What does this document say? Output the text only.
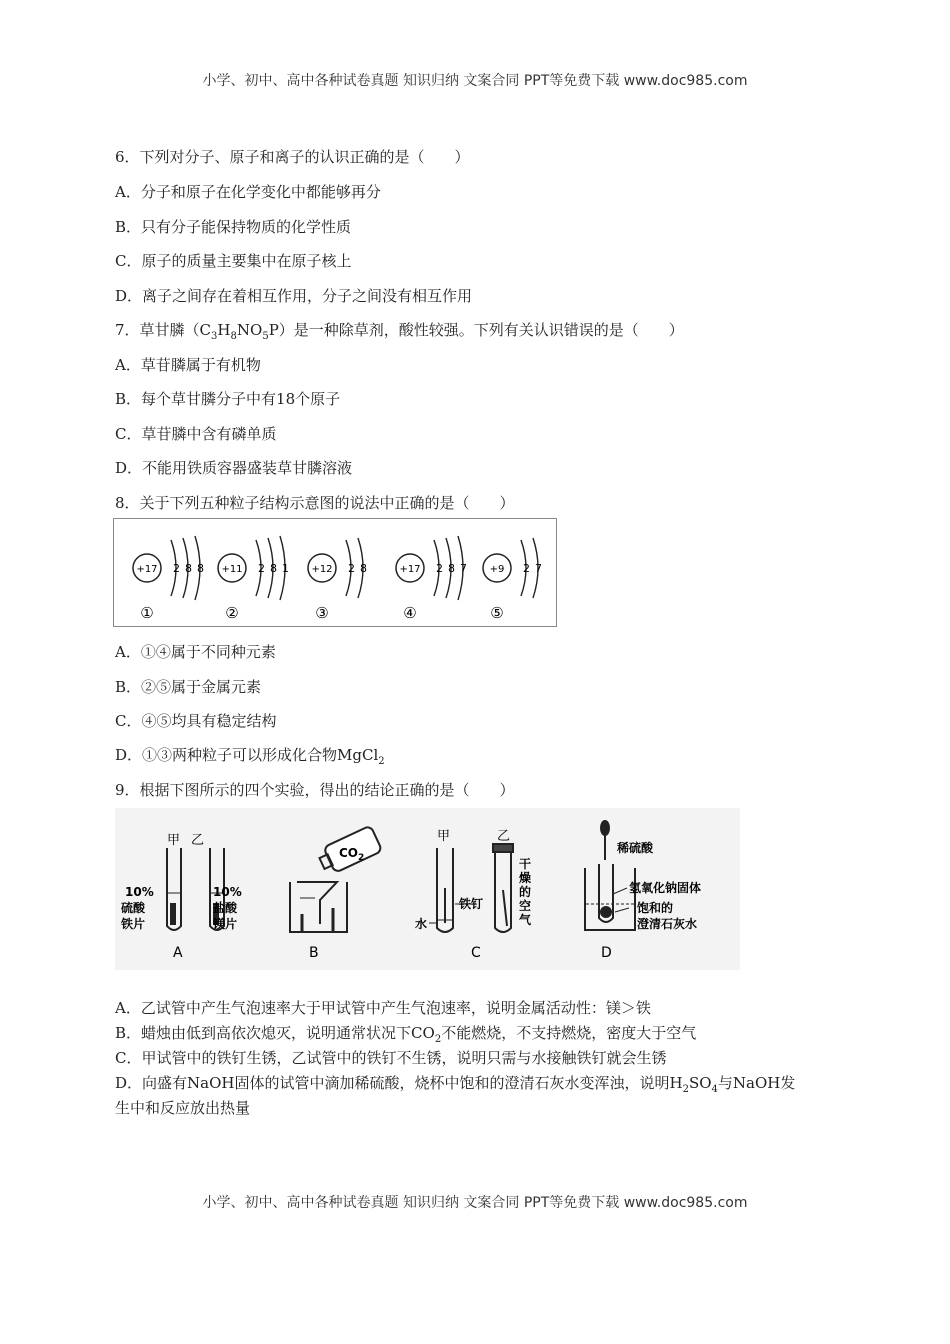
小学、初中、高中各种试卷真题 知识归纳 文案合同 PPT等免费下载 www.doc985.com
6．下列对分子、原子和离子的认识正确的是（　　）
A．分子和原子在化学变化中都能够再分
B．只有分子能保持物质的化学性质
C．原子的质量主要集中在原子核上
D．离子之间存在着相互作用，分子之间没有相互作用
7．草甘膦$(C_3H_8NO_5P)$是一种除草剂，酸性较强。下列有关认识错误的是（　　）
A．草苷膦属于有机物
B．每个草甘膦分子中有18个原子
C．草苷膦中含有磷单质
D．不能用铁质容器盛装草甘膦溶液
8．关于下列五种粒子结构示意图的说法中正确的是（　　）
+17 2 8 8
①
+11 2 8 1
②
+12 2 8
③
+17 2 8 7
④
+9 2 7
⑤
A．①④属于不同种元素
B．②⑤属于金属元素
C．④⑤均具有稳定结构
D．①③两种粒子可以形成化合物MgCl$_2$
9．根据下图所示的四个实验，得出的结论正确的是（　　）
甲 乙
10%
硫酸
铁片
10%
盐酸
镁片
A
$CO_2$
B
甲	乙
水
铁钉
干
燥
的
空
气
C
稀硫酸
氢氧化钠固体
饱和的
澄清石灰水
D
A．乙试管中产生气泡速率大于甲试管中产生气泡速率，说明金属活动性：镁＞铁
B．蜡烛由低到高依次熄灭，说明通常状况下$CO_2$不能燃烧，不支持燃烧，密度大于空气
C．甲试管中的铁钉生锈，乙试管中的铁钉不生锈，说明只需与水接触铁钉就会生锈
D．向盛有NaOH固体的试管中滴加稀硫酸，烧杯中饱和的澄清石灰水变浑浊，说明$H_2SO_4$与NaOH发
生中和反应放出热量
小学、初中、高中各种试卷真题 知识归纳 文案合同 PPT等免费下载 www.doc985.com
